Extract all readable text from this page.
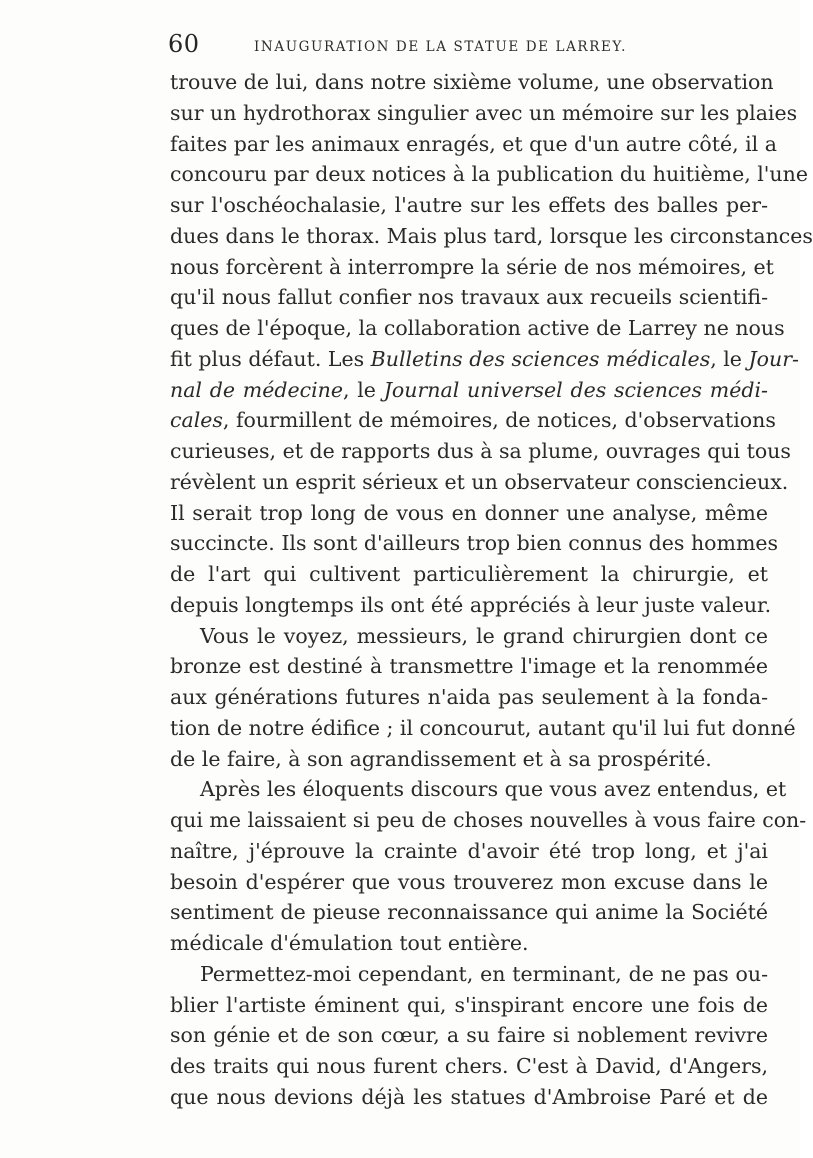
60	INAUGURATION DE LA STATUE DE LARREY.
trouve de lui, dans notre sixième volume, une observation
sur un hydrothorax singulier avec un mémoire sur les plaies
faites par les animaux enragés, et que d'un autre côté, il a
concouru par deux notices à la publication du huitième, l'une
sur l'oschéochalasie, l'autre sur les effets des balles per-
dues dans le thorax. Mais plus tard, lorsque les circonstances
nous forcèrent à interrompre la série de nos mémoires, et
qu'il nous fallut confier nos travaux aux recueils scientifi-
ques de l'époque, la collaboration active de Larrey ne nous
fit plus défaut. Les Bulletins des sciences médicales, le Jour-
nal de médecine, le Journal universel des sciences médi-
cales, fourmillent de mémoires, de notices, d'observations
curieuses, et de rapports dus à sa plume, ouvrages qui tous
révèlent un esprit sérieux et un observateur consciencieux.
Il serait trop long de vous en donner une analyse, même
succincte. Ils sont d'ailleurs trop bien connus des hommes
de l'art qui cultivent particulièrement la chirurgie, et
depuis longtemps ils ont été appréciés à leur juste valeur.
Vous le voyez, messieurs, le grand chirurgien dont ce
bronze est destiné à transmettre l'image et la renommée
aux générations futures n'aida pas seulement à la fonda-
tion de notre édifice ; il concourut, autant qu'il lui fut donné
de le faire, à son agrandissement et à sa prospérité.
Après les éloquents discours que vous avez entendus, et
qui me laissaient si peu de choses nouvelles à vous faire con-
naître, j'éprouve la crainte d'avoir été trop long, et j'ai
besoin d'espérer que vous trouverez mon excuse dans le
sentiment de pieuse reconnaissance qui anime la Société
médicale d'émulation tout entière.
Permettez-moi cependant, en terminant, de ne pas ou-
blier l'artiste éminent qui, s'inspirant encore une fois de
son génie et de son cœur, a su faire si noblement revivre
des traits qui nous furent chers. C'est à David, d'Angers,
que nous devions déjà les statues d'Ambroise Paré et de
